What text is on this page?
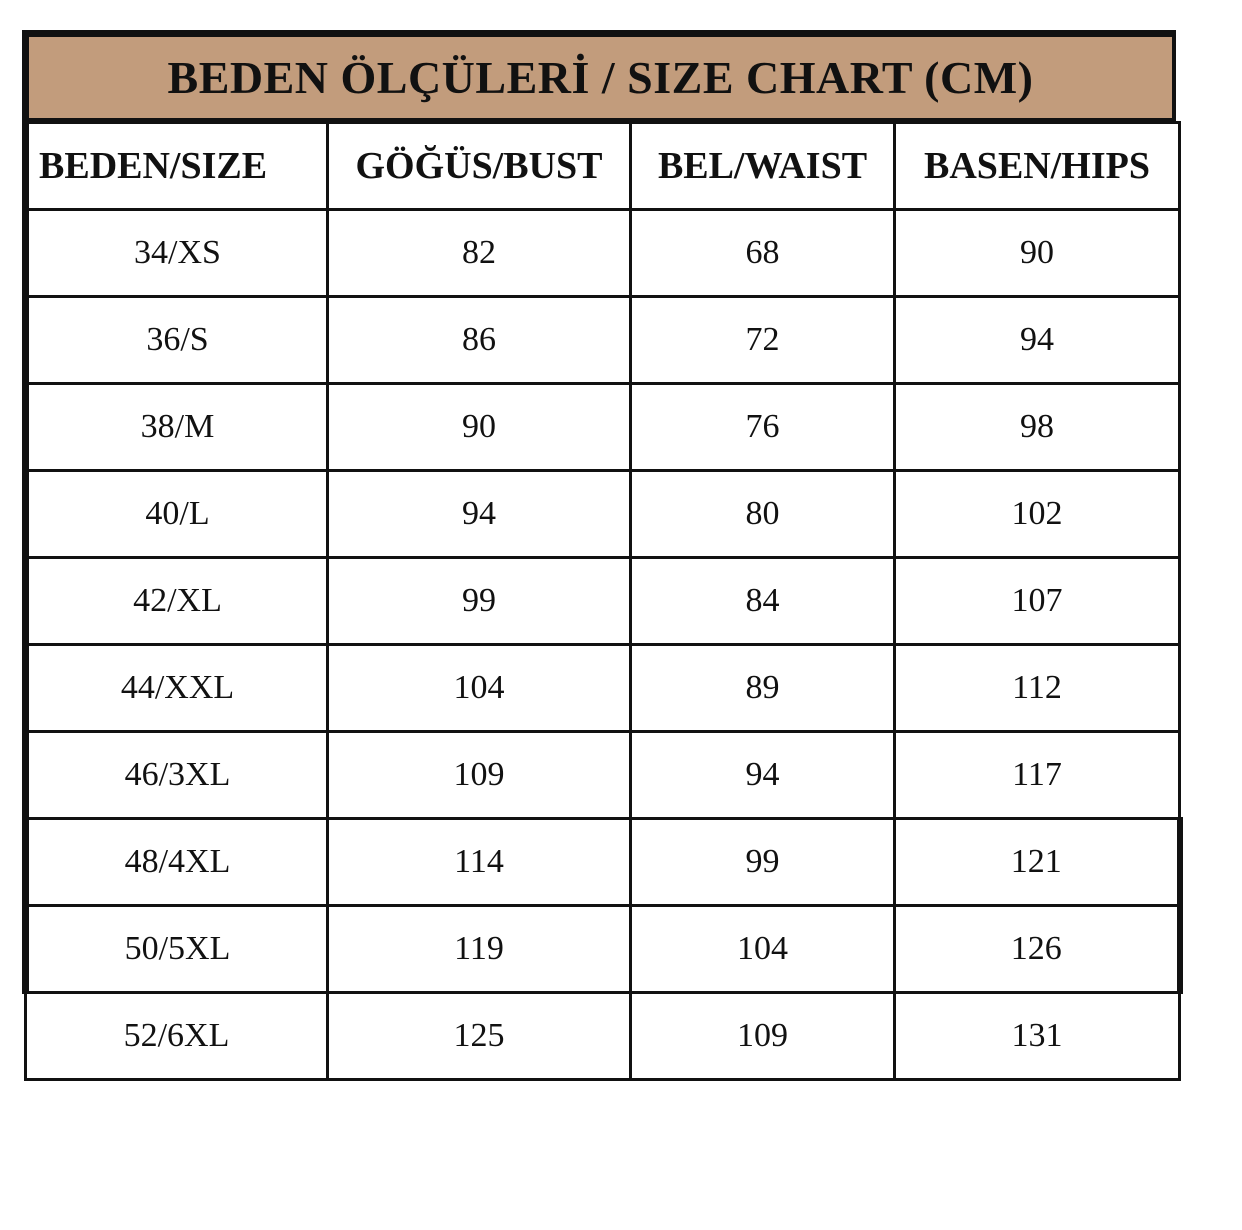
BEDEN ÖLÇÜLERİ / SIZE CHART (CM)
BEDEN/SIZE	GÖĞÜS/BUST	BEL/WAIST	BASEN/HIPS
34/XS	82	68	90
36/S	86	72	94
38/M	90	76	98
40/L	94	80	102
42/XL	99	84	107
44/XXL	104	89	112
46/3XL	109	94	117
48/4XL	114	99	121
50/5XL	119	104	126
52/6XL	125	109	131
